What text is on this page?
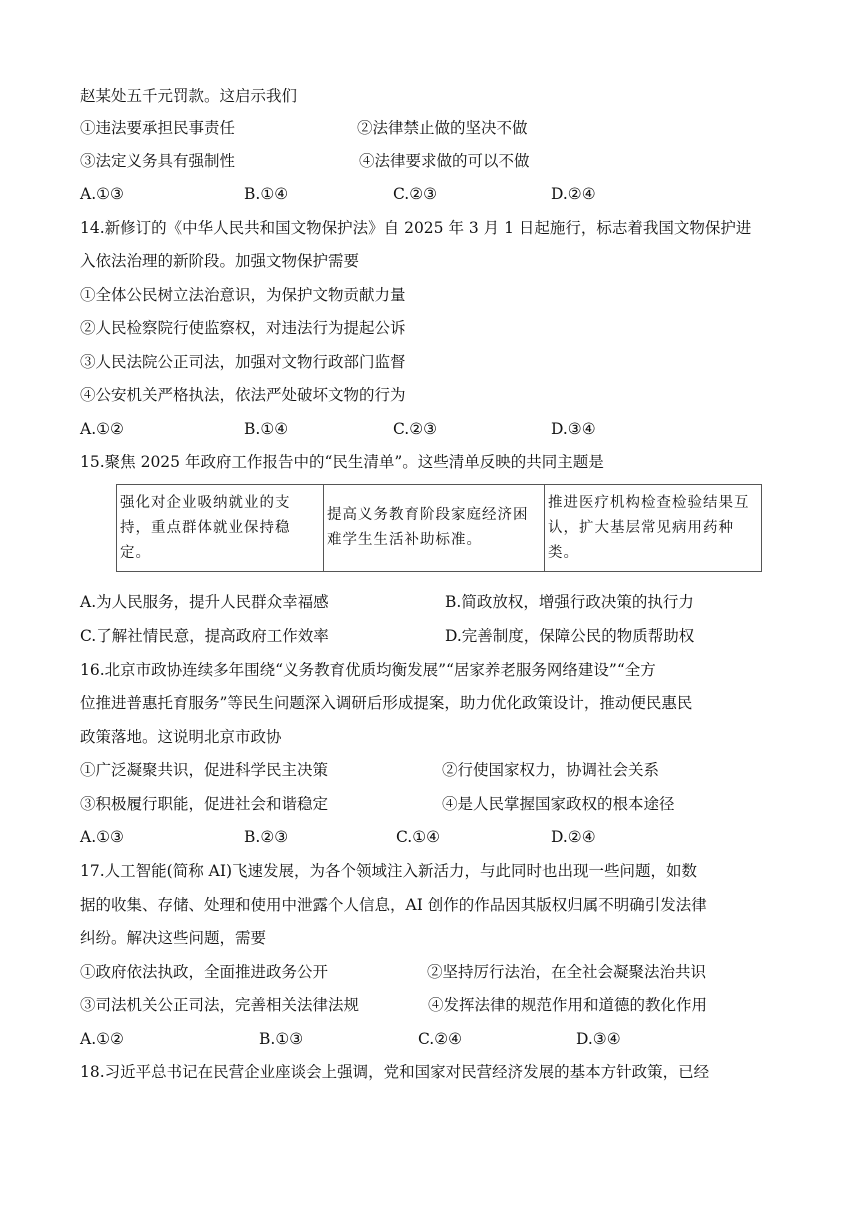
赵某处五千元罚款。这启示我们
①违法要承担民事责任	②法律禁止做的坚决不做
③法定义务具有强制性	④法律要求做的可以不做
A.①③	B.①④	C.②③	D.②④
14.新修订的《中华人民共和国文物保护法》自 2025 年 3 月 1 日起施行，标志着我国文物保护进
入依法治理的新阶段。加强文物保护需要
①全体公民树立法治意识，为保护文物贡献力量
②人民检察院行使监察权，对违法行为提起公诉
③人民法院公正司法，加强对文物行政部门监督
④公安机关严格执法，依法严处破坏文物的行为
A.①②	B.①④	C.②③	D.③④
15.聚焦 2025 年政府工作报告中的“民生清单”。这些清单反映的共同主题是
强化对企业吸纳就业的支持，重点群体就业保持稳定。	提高义务教育阶段家庭经济困难学生生活补助标准。	推进医疗机构检查检验结果互认，扩大基层常见病用药种类。
A.为人民服务，提升人民群众幸福感	B.简政放权，增强行政决策的执行力
C.了解社情民意，提高政府工作效率	D.完善制度，保障公民的物质帮助权
16.北京市政协连续多年围绕“义务教育优质均衡发展”“居家养老服务网络建设”“全方
位推进普惠托育服务”等民生问题深入调研后形成提案，助力优化政策设计，推动便民惠民
政策落地。这说明北京市政协
①广泛凝聚共识，促进科学民主决策	②行使国家权力，协调社会关系
③积极履行职能，促进社会和谐稳定	④是人民掌握国家政权的根本途径
A.①③	B.②③	C.①④	D.②④
17.人工智能(简称 AI)飞速发展，为各个领域注入新活力，与此同时也出现一些问题，如数
据的收集、存储、处理和使用中泄露个人信息，AI 创作的作品因其版权归属不明确引发法律
纠纷。解决这些问题，需要
①政府依法执政，全面推进政务公开	②坚持厉行法治，在全社会凝聚法治共识
③司法机关公正司法，完善相关法律法规	④发挥法律的规范作用和道德的教化作用
A.①②	B.①③	C.②④	D.③④
18.习近平总书记在民营企业座谈会上强调，党和国家对民营经济发展的基本方针政策，已经
